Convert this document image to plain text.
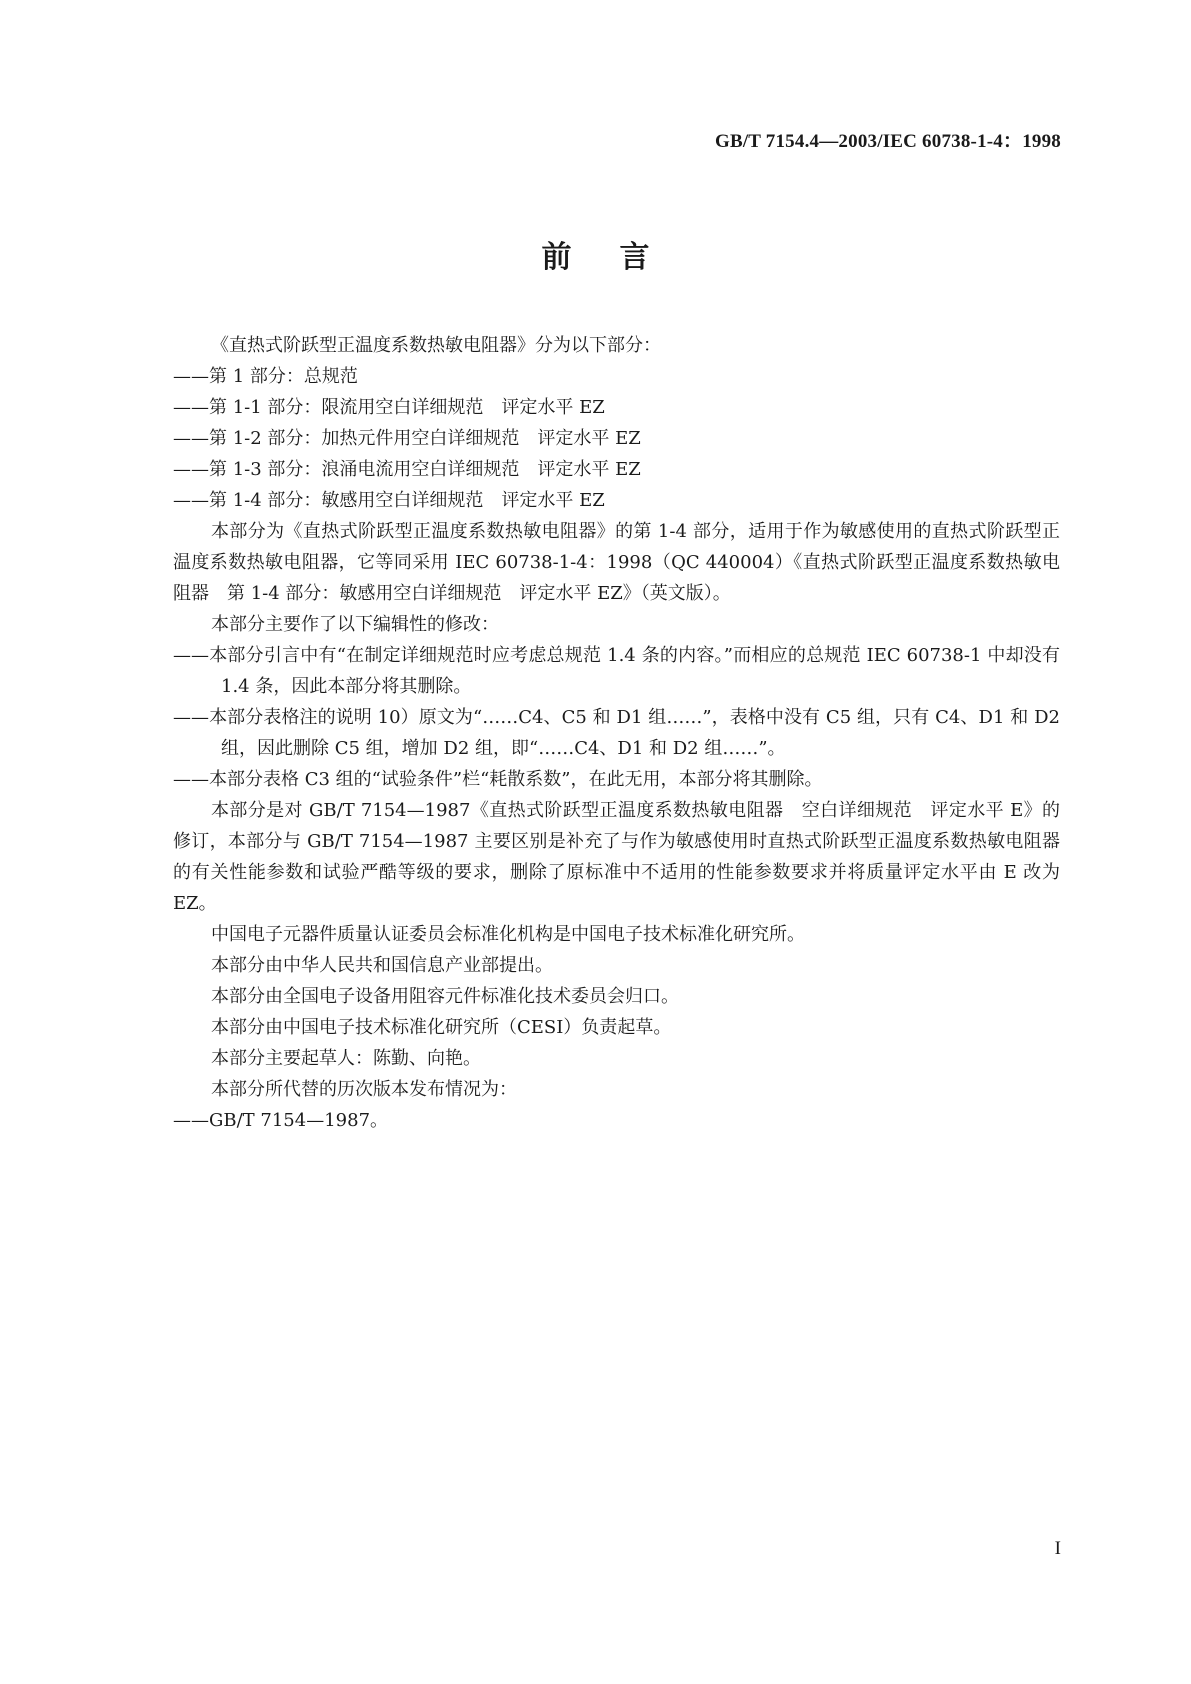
GB/T 7154.4—2003/IEC 60738-1-4：1998
前言

《直热式阶跃型正温度系数热敏电阻器》分为以下部分：

——第 1 部分：总规范

——第 1-1 部分：限流用空白详细规范　评定水平 EZ

——第 1-2 部分：加热元件用空白详细规范　评定水平 EZ

——第 1-3 部分：浪涌电流用空白详细规范　评定水平 EZ

——第 1-4 部分：敏感用空白详细规范　评定水平 EZ

本部分为《直热式阶跃型正温度系数热敏电阻器》的第 1-4 部分，适用于作为敏感使用的直热式阶跃型正温度系数热敏电阻器，它等同采用 IEC 60738-1-4：1998（QC 440004）《直热式阶跃型正温度系数热敏电阻器　第 1-4 部分：敏感用空白详细规范　评定水平 EZ》（英文版）。

本部分主要作了以下编辑性的修改：

——本部分引言中有“在制定详细规范时应考虑总规范 1.4 条的内容。”而相应的总规范 IEC 60738-1 中却没有 1.4 条，因此本部分将其删除。

——本部分表格注的说明 10）原文为“……C4、C5 和 D1 组……”，表格中没有 C5 组，只有 C4、D1 和 D2 组，因此删除 C5 组，增加 D2 组，即“……C4、D1 和 D2 组……”。

——本部分表格 C3 组的“试验条件”栏“耗散系数”，在此无用，本部分将其删除。

本部分是对 GB/T 7154—1987《直热式阶跃型正温度系数热敏电阻器　空白详细规范　评定水平 E》的修订，本部分与 GB/T 7154—1987 主要区别是补充了与作为敏感使用时直热式阶跃型正温度系数热敏电阻器的有关性能参数和试验严酷等级的要求，删除了原标准中不适用的性能参数要求并将质量评定水平由 E 改为 EZ。

中国电子元器件质量认证委员会标准化机构是中国电子技术标准化研究所。

本部分由中华人民共和国信息产业部提出。

本部分由全国电子设备用阻容元件标准化技术委员会归口。

本部分由中国电子技术标准化研究所（CESI）负责起草。

本部分主要起草人：陈勤、向艳。

本部分所代替的历次版本发布情况为：

——GB/T 7154—1987。

I
